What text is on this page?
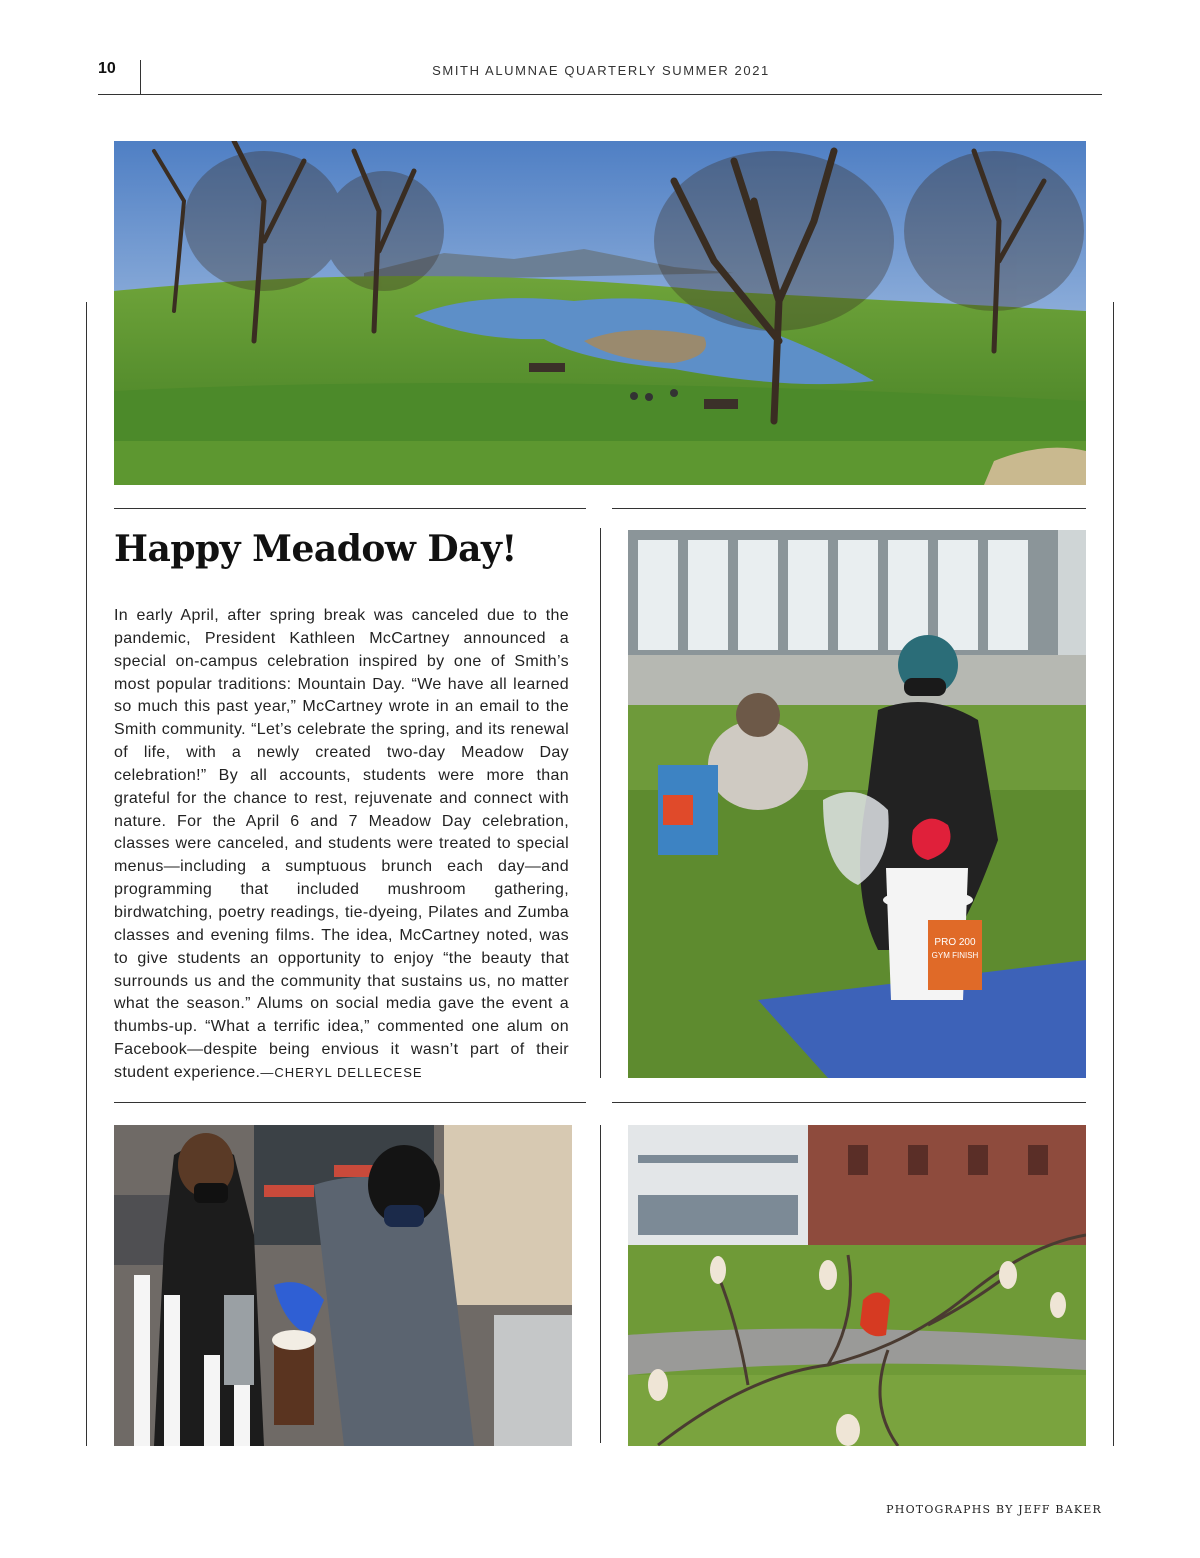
10	SMITH ALUMNAE QUARTERLY SUMMER 2021
Happy Meadow Day!

In early April, after spring break was canceled due to the pandemic, President Kathleen McCartney announced a special on-campus celebration inspired by one of Smith’s most popular traditions: Mountain Day. “We have all learned so much this past year,” McCartney wrote in an email to the Smith community. “Let’s celebrate the spring, and its renewal of life, with a newly created two-day Meadow Day celebration!” By all accounts, students were more than grateful for the chance to rest, rejuvenate and connect with nature. For the April 6 and 7 Meadow Day celebration, classes were canceled, and students were treated to special menus—including a sumptuous brunch each day—and programming that included mushroom gathering, birdwatching, poetry readings, tie-dyeing, Pilates and Zumba classes and evening films. The idea, McCartney noted, was to give students an opportunity to enjoy “the beauty that surrounds us and the community that sustains us, no matter what the season.” Alums on social media gave the event a thumbs-up. “What a terrific idea,” commented one alum on Facebook—despite being envious it wasn’t part of their student experience.—CHERYL DELLECESE

PRO 200
GYM FINISH
PHOTOGRAPHS BY JEFF BAKER
